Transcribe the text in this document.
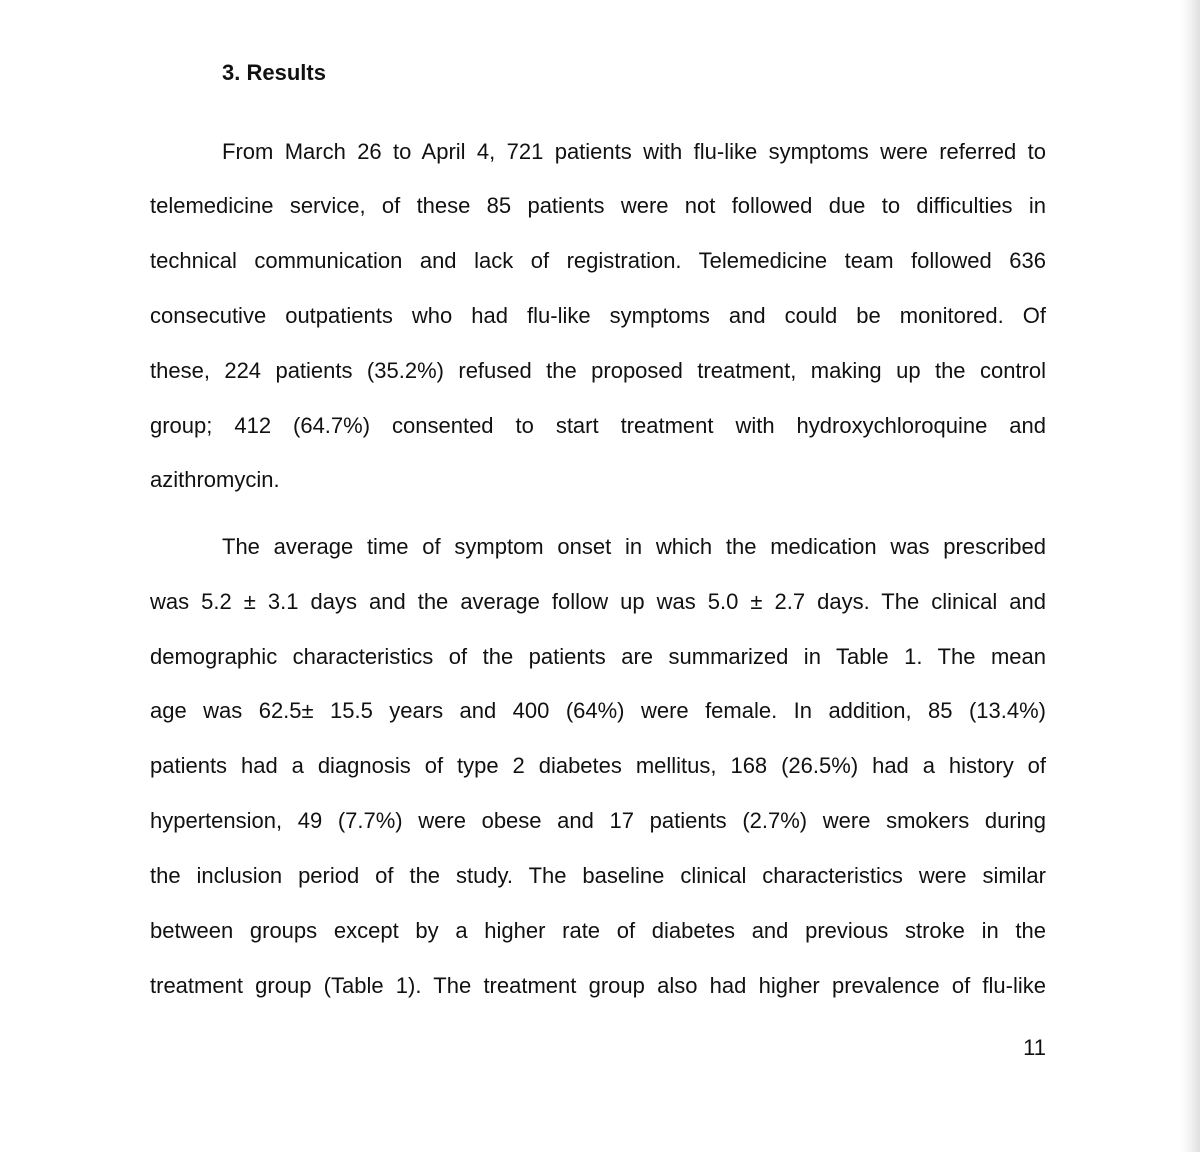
3. Results
From March 26 to April 4, 721 patients with flu-like symptoms were referred to
telemedicine service, of these 85 patients were not followed due to difficulties in
technical communication and lack of registration. Telemedicine team followed 636
consecutive outpatients who had flu-like symptoms and could be monitored. Of
these, 224 patients (35.2%) refused the proposed treatment, making up the control
group; 412 (64.7%) consented to start treatment with hydroxychloroquine and
azithromycin.
The average time of symptom onset in which the medication was prescribed
was 5.2 ± 3.1 days and the average follow up was 5.0 ± 2.7 days. The clinical and
demographic characteristics of the patients are summarized in Table 1. The mean
age was 62.5± 15.5 years and 400 (64%) were female. In addition, 85 (13.4%)
patients had a diagnosis of type 2 diabetes mellitus, 168 (26.5%) had a history of
hypertension, 49 (7.7%) were obese and 17 patients (2.7%) were smokers during
the inclusion period of the study. The baseline clinical characteristics were similar
between groups except by a higher rate of diabetes and previous stroke in the
treatment group (Table 1). The treatment group also had higher prevalence of flu-like
11
